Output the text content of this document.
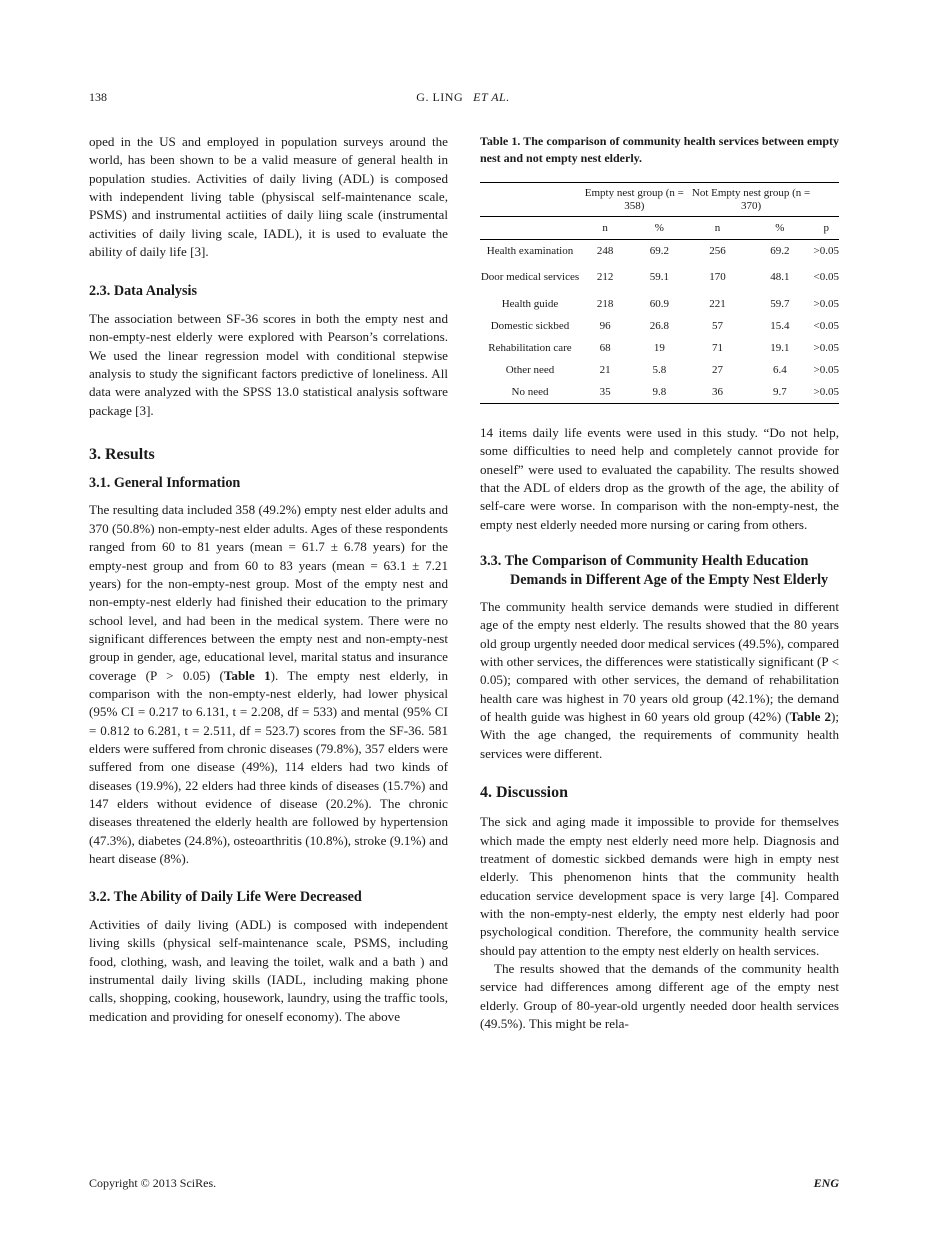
138	G. LING ET AL.

oped in the US and employed in population surveys around the world, has been shown to be a valid measure of general health in population studies. Activities of daily living (ADL) is composed with independent living table (physiscal self-maintenance scale, PSMS) and instrumental actiities of daily liing scale (instrumental activities of daily living scale, IADL), it is used to evaluate the ability of daily life [3].

2.3. Data Analysis

The association between SF-36 scores in both the empty nest and non-empty-nest elderly were explored with Pearson’s correlations. We used the linear regression model with conditional stepwise analysis to study the significant factors predictive of loneliness. All data were analyzed with the SPSS 13.0 statistical analysis software package [3].

3. Results
3.1. General Information

The resulting data included 358 (49.2%) empty nest elder adults and 370 (50.8%) non-empty-nest elder adults. Ages of these respondents ranged from 60 to 81 years (mean = 61.7 ± 6.78 years) for the empty-nest group and from 60 to 83 years (mean = 63.1 ± 7.21 years) for the non-empty-nest group. Most of the empty nest and non-empty-nest elderly had finished their education to the primary school level, and had been in the medical system. There were no significant differences between the empty nest and non-empty-nest group in gender, age, educational level, marital status and insurance coverage (P > 0.05) (Table 1). The empty nest elderly, in comparison with the non-empty-nest elderly, had lower physical (95% CI = 0.217 to 6.131, t = 2.208, df = 533) and mental (95% CI = 0.812 to 6.281, t = 2.511, df = 523.7) scores from the SF-36. 581 elders were suffered from chronic diseases (79.8%), 357 elders were suffered from one disease (49%), 114 elders had two kinds of diseases (19.9%), 22 elders had three kinds of diseases (15.7%) and 147 elders without evidence of disease (20.2%). The chronic diseases threatened the elderly health are followed by hypertension (47.3%), diabetes (24.8%), osteoarthritis (10.8%), stroke (9.1%) and heart disease (8%).

3.2. The Ability of Daily Life Were Decreased

Activities of daily living (ADL) is composed with independent living skills (physical self-maintenance scale, PSMS, including food, clothing, wash, and leaving the toilet, walk and a bath ) and instrumental daily living skills (IADL, including making phone calls, shopping, cooking, housework, laundry, using the traffic tools, medication and providing for oneself economy). The above

Table 1. The comparison of community health services between empty nest and not empty nest elderly.

	Empty nest group (n = 358)		Not Empty nest group (n = 370)		
	n	%	n	%	p
Health examination	248	69.2	256	69.2	>0.05
Door medical services	212	59.1	170	48.1	<0.05
Health guide	218	60.9	221	59.7	>0.05
Domestic sickbed	96	26.8	57	15.4	<0.05
Rehabilitation care	68	19	71	19.1	>0.05
Other need	21	5.8	27	6.4	>0.05
No need	35	9.8	36	9.7	>0.05

14 items daily life events were used in this study. “Do not help, some difficulties to need help and completely cannot provide for oneself” were used to evaluated the capability. The results showed that the ADL of elders drop as the growth of the age, the ability of self-care were worse. In comparison with the non-empty-nest, the empty nest elderly needed more nursing or caring from others.

3.3. The Comparison of Community Health Education Demands in Different Age of the Empty Nest Elderly

The community health service demands were studied in different age of the empty nest elderly. The results showed that the 80 years old group urgently needed door medical services (49.5%), compared with other services, the differences were statistically significant (P < 0.05); compared with other services, the demand of rehabilitation health care was highest in 70 years old group (42.1%); the demand of health guide was highest in 60 years old group (42%) (Table 2); With the age changed, the requirements of community health services were different.

4. Discussion

The sick and aging made it impossible to provide for themselves which made the empty nest elderly need more help. Diagnosis and treatment of domestic sickbed demands were high in empty nest elderly. This phenomenon hints that the community health education service development space is very large [4]. Compared with the non-empty-nest elderly, the empty nest elderly had poor psychological condition. Therefore, the community health service should pay attention to the empty nest elderly on health services.

The results showed that the demands of the community health service had differences among different age of the empty nest elderly. Group of 80-year-old urgently needed door health services (49.5%). This might be rela-

Copyright © 2013 SciRes.	ENG
